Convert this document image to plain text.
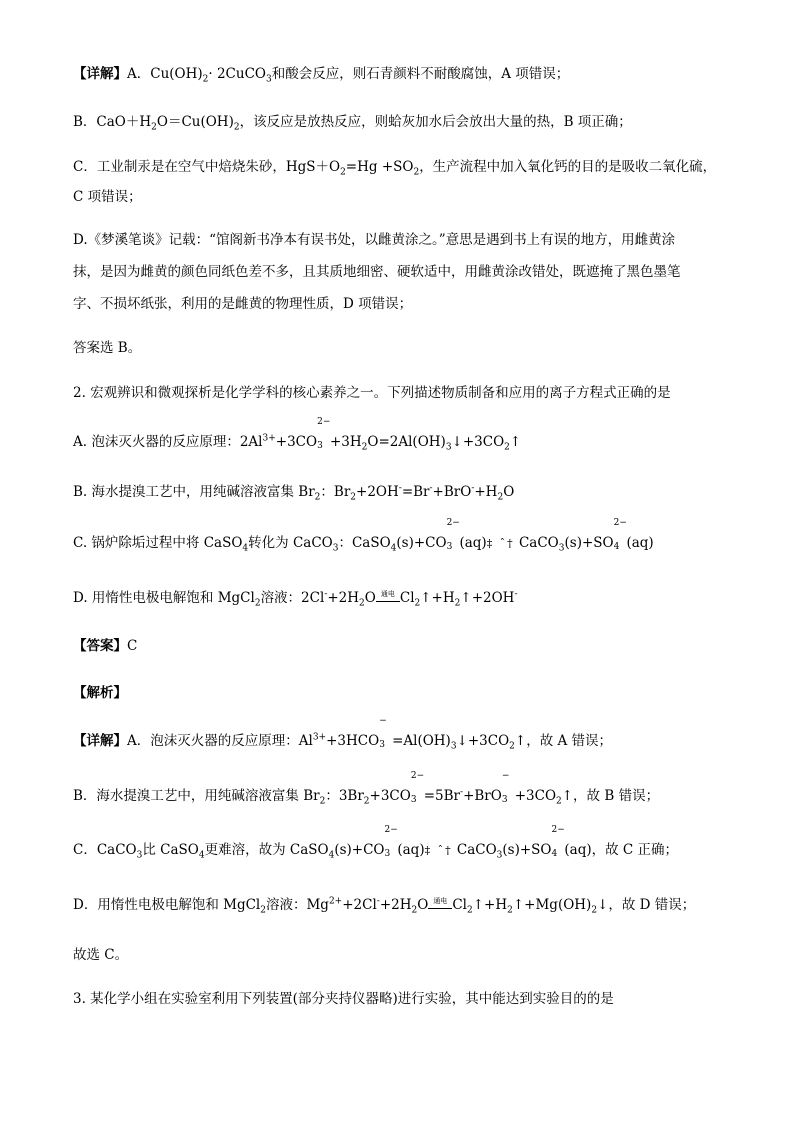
【详解】A．$Cu(OH)_2\cdot$ 2CuCO$_3$和酸会反应，则石青颜料不耐酸腐蚀，A 项错误；
B．$CaO+H_2O=Cu(OH)_2$，该反应是放热反应，则蛤灰加水后会放出大量的热，B 项正确；
C．工业制汞是在空气中焙烧朱砂，$HgS+O_2=Hg +SO_2$，生产流程中加入氧化钙的目的是吸收二氧化硫，
C 项错误；
D.《梦溪笔谈》记载：“馆阁新书净本有误书处，以雌黄涂之。”意思是遇到书上有误的地方，用雌黄涂
抹，是因为雌黄的颜色同纸色差不多，且其质地细密、硬软适中，用雌黄涂改错处，既遮掩了黑色墨笔
字、不损坏纸张，利用的是雌黄的物理性质，D 项错误；
答案选 B。
2. 宏观辨识和微观探析是化学学科的核心素养之一。下列描述物质制备和应用的离子方程式正确的是
A. 泡沫灭火器的反应原理：$2Al^{3+}+3CO$
2−
$3 +3H_2O=2Al(OH)_3↓+3CO_2↑$
B. 海水提溴工艺中，用纯碱溶液富集 $Br_2$：$Br_2+2OH^-=Br^-+BrO^-+H_2O$
C. 锅炉除垢过程中将 CaSO$_4$转化为 CaCO$_3$：CaSO$_4$(s)+CO
2−
3 (aq)‡ ˆ† CaCO$_3$(s)+SO
2−
4 (aq)
D. 用惰性电极电解饱和 MgCl$_2$溶液：$2Cl^-+2H_2O$ 通电 $Cl_2↑+H_2↑+2OH^-$
【答案】C
【解析】
【详解】A．泡沫灭火器的反应原理：$Al^{3+}+3HCO$
−
$3 =Al(OH)_3↓+3CO_2↑$，故 A 错误；
B．海水提溴工艺中，用纯碱溶液富集 $Br_2$：$3Br_2+3CO$
2−
3 =5Br-+BrO
−
$3 +3CO_2↑$，故 B 错误；
C．CaCO$_3$比 CaSO$_4$更难溶，故为 CaSO$_4$(s)+CO
2−
3 (aq)‡ ˆ† CaCO$_3$(s)+SO
2−
4 (aq)，故 C 正确；
D．用惰性电极电解饱和 MgCl$_2$溶液：$Mg^{2+}+2Cl^-+2H_2O$ 通电 $Cl_2↑+H_2↑+Mg(OH)_2↓$，故 D 错误；
故选 C。
3. 某化学小组在实验室利用下列装置(部分夹持仪器略)进行实验，其中能达到实验目的的是
